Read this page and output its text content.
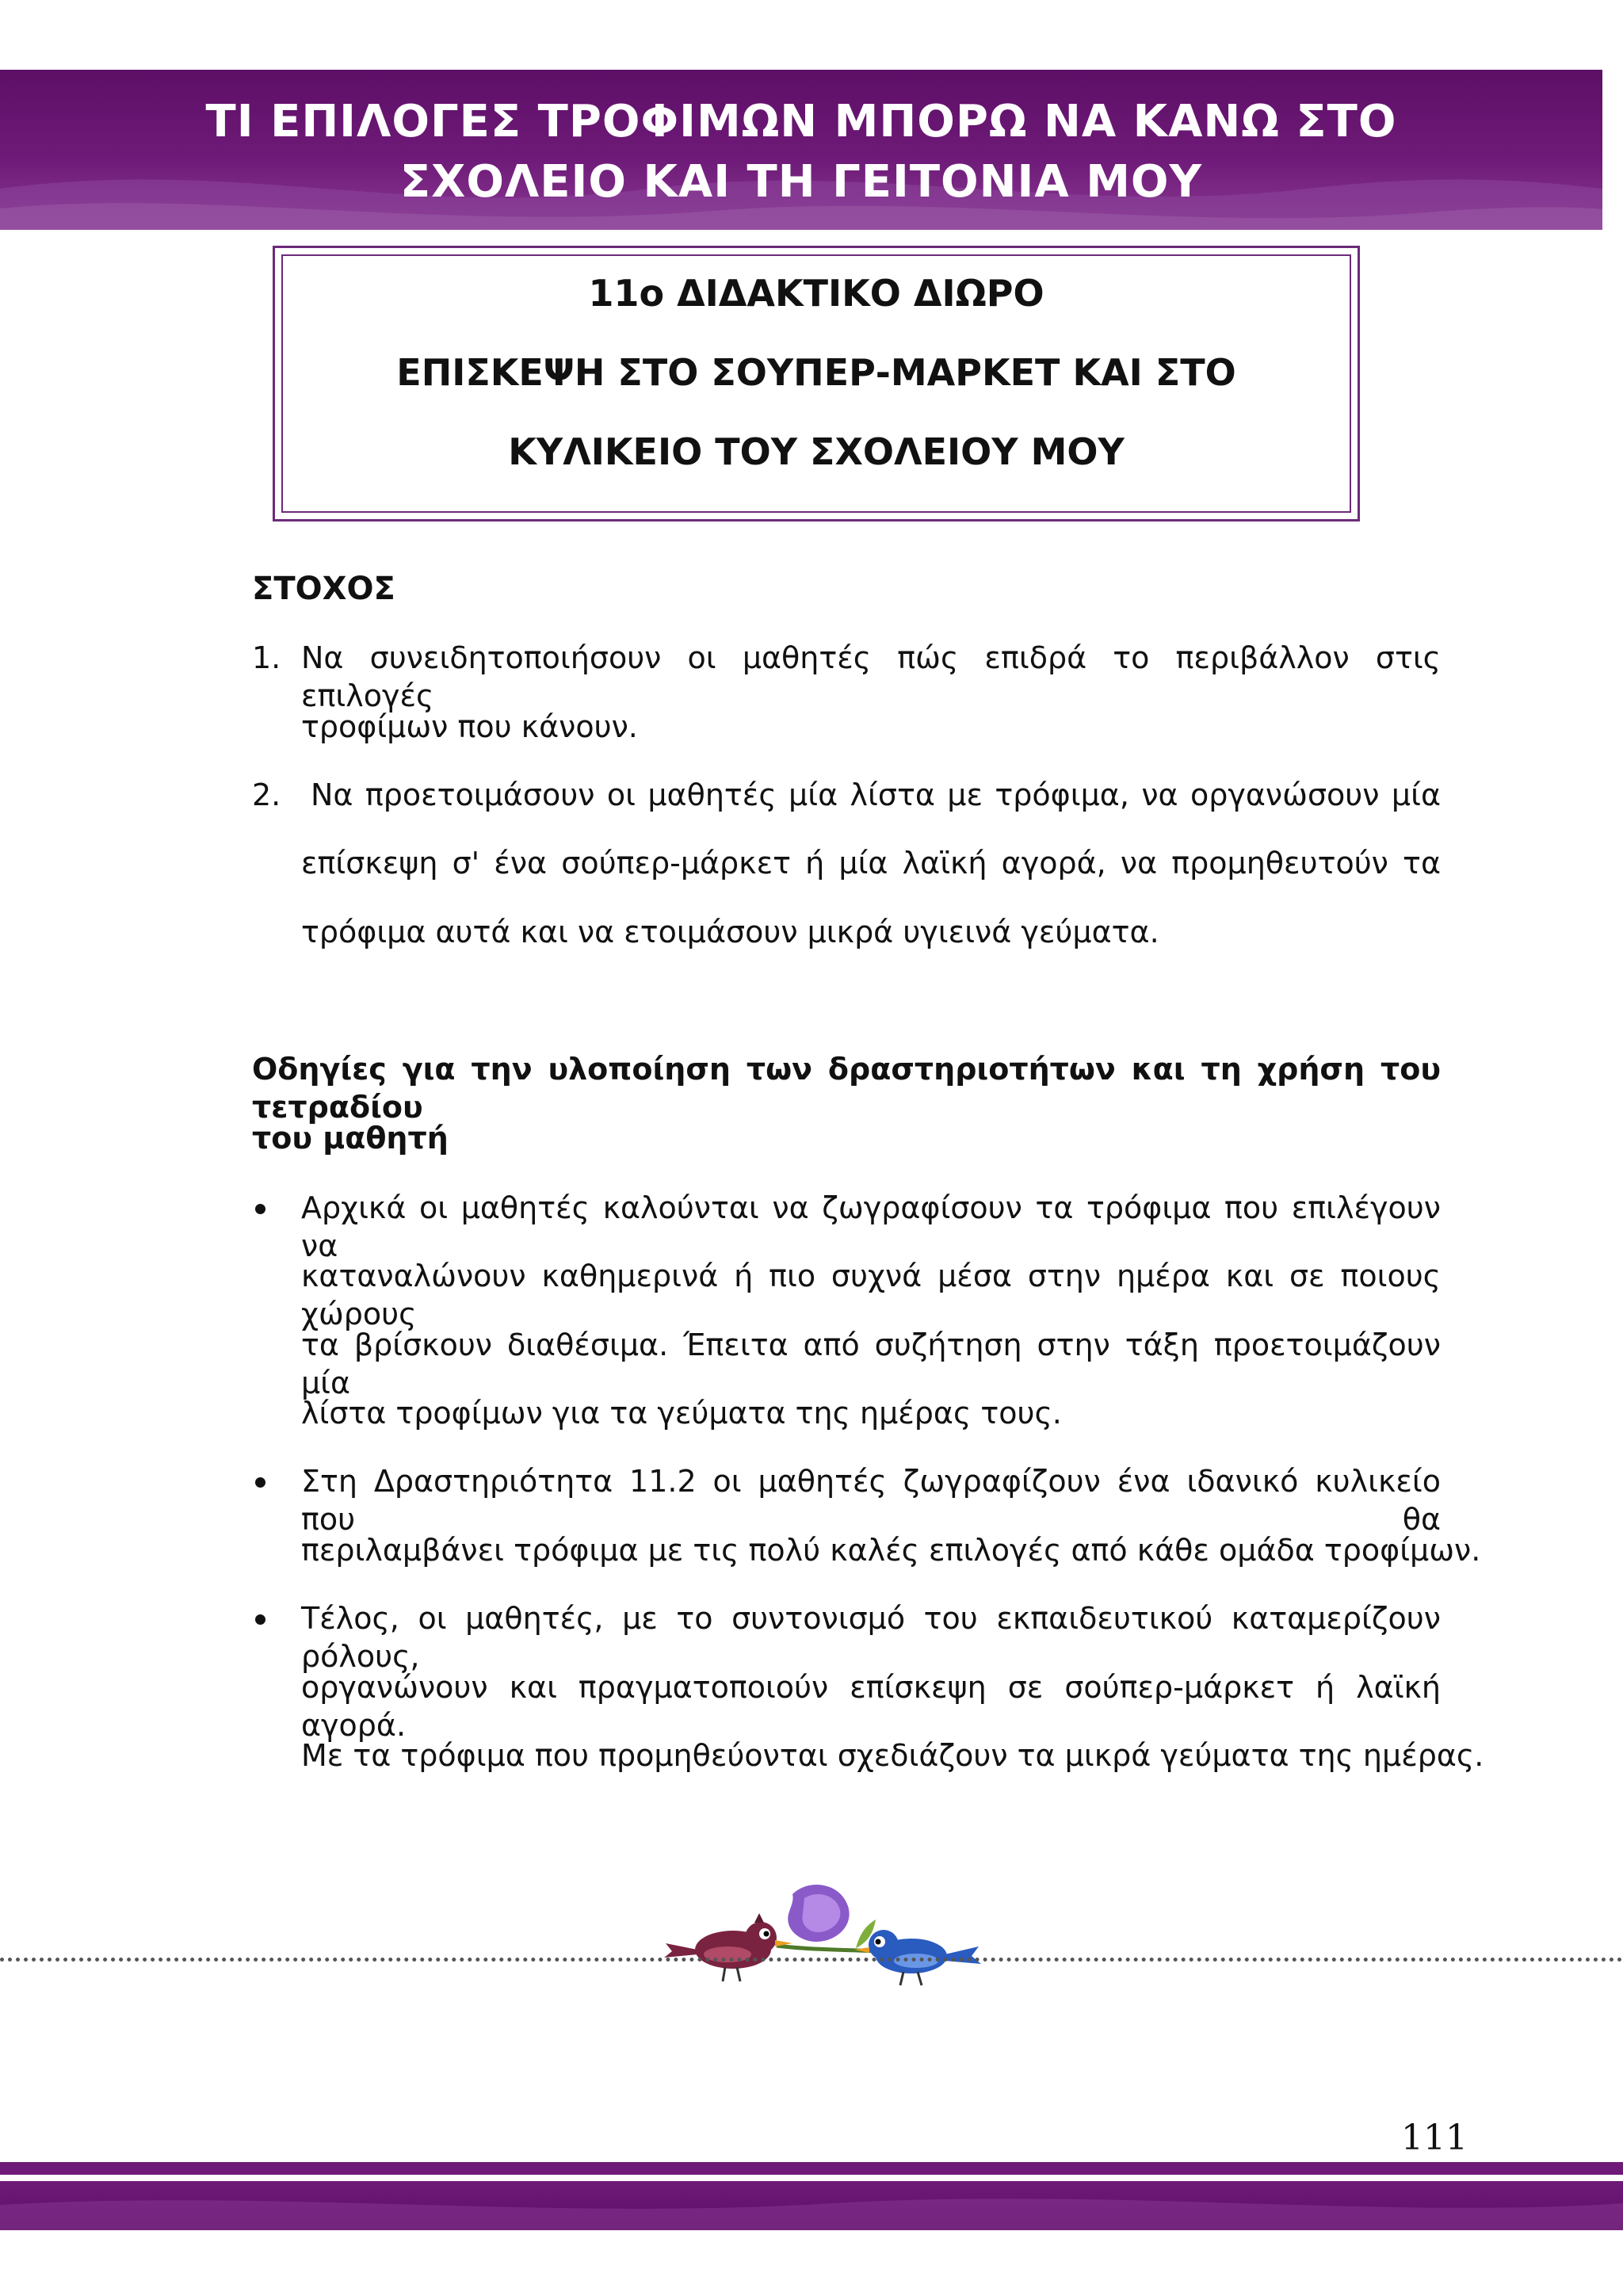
ΤΙ ΕΠΙΛΟΓΕΣ ΤΡΟΦΙΜΩΝ ΜΠΟΡΩ ΝΑ ΚΑΝΩ ΣΤΟ
ΣΧΟΛΕΙΟ ΚΑΙ ΤΗ ΓΕΙΤΟΝΙΑ ΜΟΥ
11ο ΔΙΔΑΚΤΙΚΟ ΔΙΩΡΟ
ΕΠΙΣΚΕΨΗ ΣΤΟ ΣΟΥΠΕΡ-ΜΑΡΚΕΤ ΚΑΙ ΣΤΟ
ΚΥΛΙΚΕΙΟ ΤΟΥ ΣΧΟΛΕΙΟΥ ΜΟΥ
ΣΤΟΧΟΣ
1. Να συνειδητοποιήσουν οι μαθητές πώς επιδρά το περιβάλλον στις επιλογές
τροφίμων που κάνουν.
2. Να προετοιμάσουν οι μαθητές μία λίστα με τρόφιμα, να οργανώσουν μία
επίσκεψη σ' ένα σούπερ-μάρκετ ή μία λαϊκή αγορά, να προμηθευτούν τα
τρόφιμα αυτά και να ετοιμάσουν μικρά υγιεινά γεύματα.
Οδηγίες για την υλοποίηση των δραστηριοτήτων και τη χρήση του τετραδίου
του μαθητή
Αρχικά οι μαθητές καλούνται να ζωγραφίσουν τα τρόφιμα που επιλέγουν να
καταναλώνουν καθημερινά ή πιο συχνά μέσα στην ημέρα και σε ποιους χώρους
τα βρίσκουν διαθέσιμα. Έπειτα από συζήτηση στην τάξη προετοιμάζουν μία
λίστα τροφίμων για τα γεύματα της ημέρας τους.
Στη Δραστηριότητα 11.2 οι μαθητές ζωγραφίζουν ένα ιδανικό κυλικείο που θα
περιλαμβάνει τρόφιμα με τις πολύ καλές επιλογές από κάθε ομάδα τροφίμων.
Τέλος, οι μαθητές, με το συντονισμό του εκπαιδευτικού καταμερίζουν ρόλους,
οργανώνουν και πραγματοποιούν επίσκεψη σε σούπερ-μάρκετ ή λαϊκή αγορά.
Με τα τρόφιμα που προμηθεύονται σχεδιάζουν τα μικρά γεύματα της ημέρας.
111
